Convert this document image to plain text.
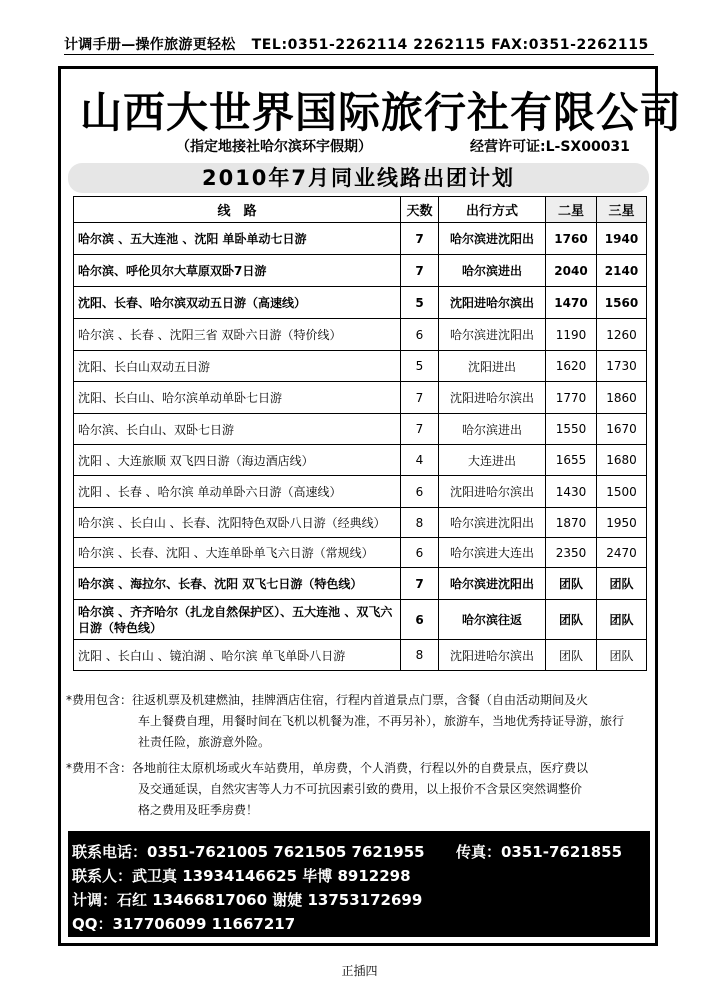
计调手册—操作旅游更轻松 TEL:0351-2262114 2262115 FAX:0351-2262115
山西大世界国际旅行社有限公司
（指定地接社哈尔滨环宇假期）	经营许可证:L-SX00031
2010年7月同业线路出团计划
线　路	天数	出行方式	二星	三星
哈尔滨 、五大连池 、沈阳 单卧单动七日游	7	哈尔滨进沈阳出	1760	1940
哈尔滨、呼伦贝尔大草原双卧7日游	7	哈尔滨进出	2040	2140
沈阳、长春、哈尔滨双动五日游（高速线）	5	沈阳进哈尔滨出	1470	1560
哈尔滨 、长春 、沈阳三省 双卧六日游（特价线）	6	哈尔滨进沈阳出	1190	1260
沈阳、长白山双动五日游	5	沈阳进出	1620	1730
沈阳、长白山、哈尔滨单动单卧七日游	7	沈阳进哈尔滨出	1770	1860
哈尔滨、长白山、双卧七日游	7	哈尔滨进出	1550	1670
沈阳 、大连旅顺 双飞四日游（海边酒店线）	4	大连进出	1655	1680
沈阳 、长春 、哈尔滨 单动单卧六日游（高速线）	6	沈阳进哈尔滨出	1430	1500
哈尔滨 、长白山 、长春、沈阳特色双卧八日游（经典线）	8	哈尔滨进沈阳出	1870	1950
哈尔滨 、长春、沈阳 、大连单卧单飞六日游（常规线）	6	哈尔滨进大连出	2350	2470
哈尔滨 、海拉尔、长春、沈阳 双飞七日游（特色线）	7	哈尔滨进沈阳出	团队	团队
哈尔滨 、齐齐哈尔（扎龙自然保护区）、五大连池 、双飞六日游（特色线）	6	哈尔滨往返	团队	团队
沈阳 、长白山 、镜泊湖 、哈尔滨 单飞单卧八日游	8	沈阳进哈尔滨出	团队	团队
*费用包含：往返机票及机建燃油，挂牌酒店住宿，行程内首道景点门票，含餐（自由活动期间及火
车上餐费自理，用餐时间在飞机以机餐为准，不再另补），旅游车，当地优秀持证导游，旅行
社责任险，旅游意外险。
*费用不含：各地前往太原机场或火车站费用，单房费，个人消费，行程以外的自费景点，医疗费以
及交通延误，自然灾害等人力不可抗因素引致的费用，以上报价不含景区突然调整价
格之费用及旺季房费！
联系电话：0351-7621005 7621505 7621955 传真：0351-7621855
联系人：武卫真 13934146625 毕博 8912298
计调：石红 13466817060 谢婕 13753172699
QQ：317706099 11667217
正插四
